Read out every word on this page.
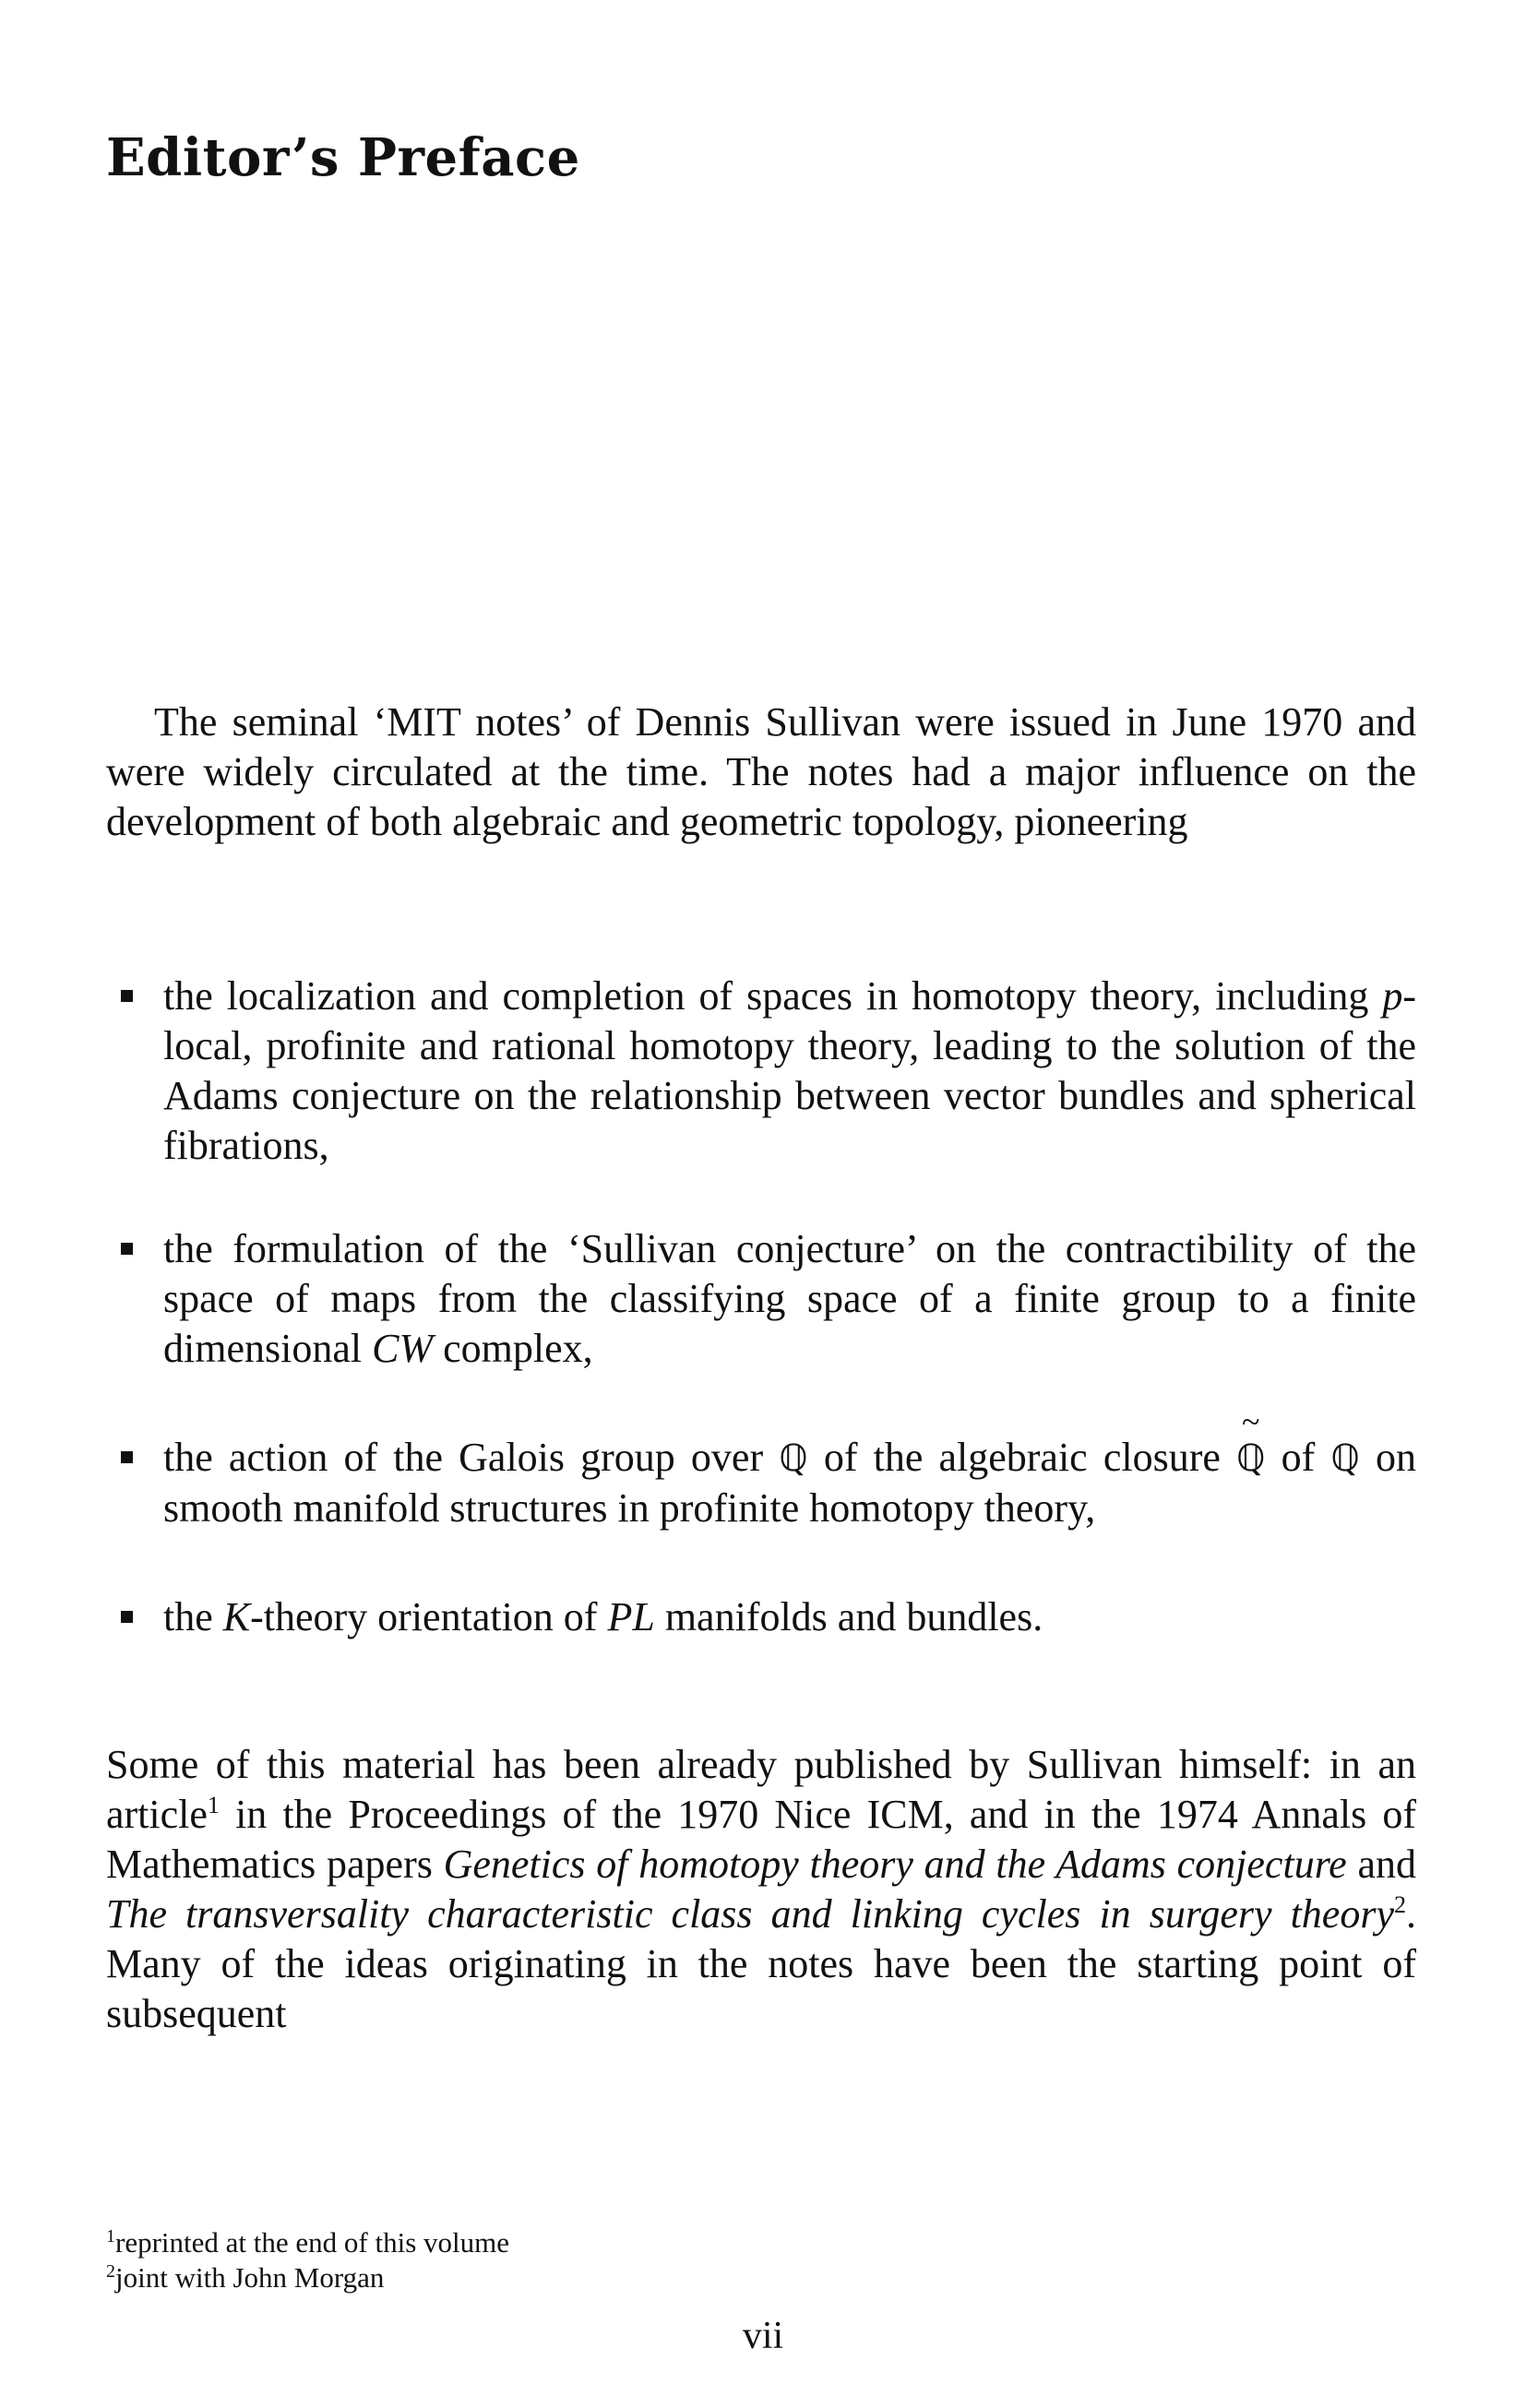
Editor’s Preface

The seminal ‘MIT notes’ of Dennis Sullivan were issued in June 1970 and were widely circulated at the time. The notes had a major influence on the development of both algebraic and geometric topology, pioneering

the localization and completion of spaces in homotopy theory, including p-local, profinite and rational homotopy theory, leading to the solution of the Adams conjecture on the relationship between vector bundles and spherical fibrations,
the formulation of the ‘Sullivan conjecture’ on the contractibility of the space of maps from the classifying space of a finite group to a finite dimensional CW complex,
the action of the Galois group over ℚ of the algebraic closure ℚ
~
of ℚ on smooth manifold structures in profinite homotopy theory,
the K-theory orientation of PL manifolds and bundles.

Some of this material has been already published by Sullivan himself: in an article$^1$ in the Proceedings of the 1970 Nice ICM, and in the 1974 Annals of Mathematics papers Genetics of homotopy theory and the Adams conjecture and The transversality characteristic class and linking cycles in surgery theory$^2$. Many of the ideas originating in the notes have been the starting point of subsequent

$^1$reprinted at the end of this volume
$^2$joint with John Morgan
vii
